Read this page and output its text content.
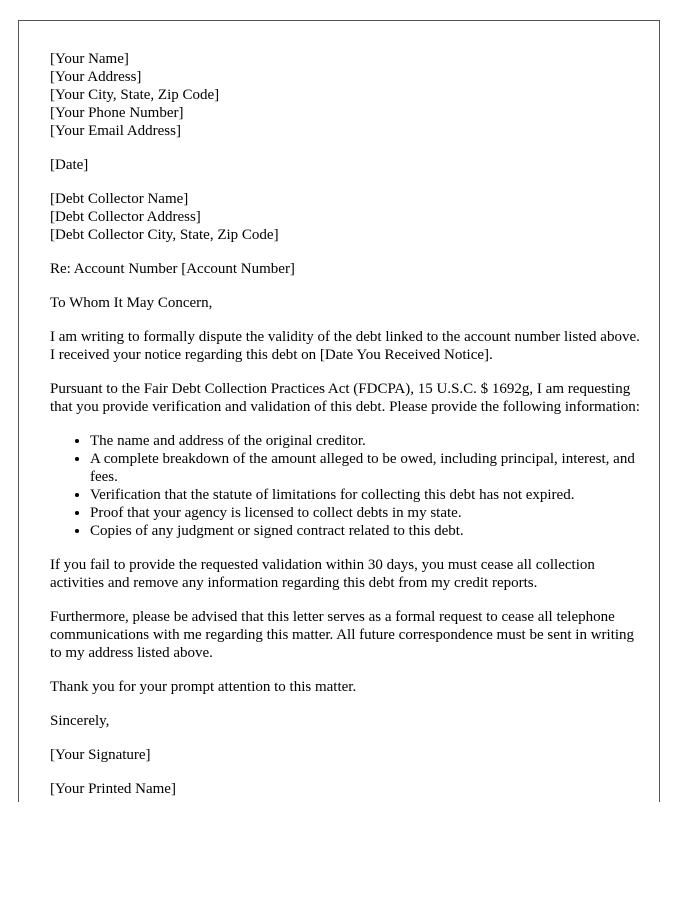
[Your Name]
[Your Address]
[Your City, State, Zip Code]
[Your Phone Number]
[Your Email Address]

[Date]

[Debt Collector Name]
[Debt Collector Address]
[Debt Collector City, State, Zip Code]

Re: Account Number [Account Number]

To Whom It May Concern,

I am writing to formally dispute the validity of the debt linked to the account number listed above. I received your notice regarding this debt on [Date You Received Notice].

Pursuant to the Fair Debt Collection Practices Act (FDCPA), 15 U.S.C. $ 1692g, I am requesting that you provide verification and validation of this debt. Please provide the following information:

• The name and address of the original creditor.
• A complete breakdown of the amount alleged to be owed, including principal, interest, and fees.
• Verification that the statute of limitations for collecting this debt has not expired.
• Proof that your agency is licensed to collect debts in my state.
• Copies of any judgment or signed contract related to this debt.

If you fail to provide the requested validation within 30 days, you must cease all collection activities and remove any information regarding this debt from my credit reports.

Furthermore, please be advised that this letter serves as a formal request to cease all telephone communications with me regarding this matter. All future correspondence must be sent in writing to my address listed above.

Thank you for your prompt attention to this matter.

Sincerely,

[Your Signature]

[Your Printed Name]
